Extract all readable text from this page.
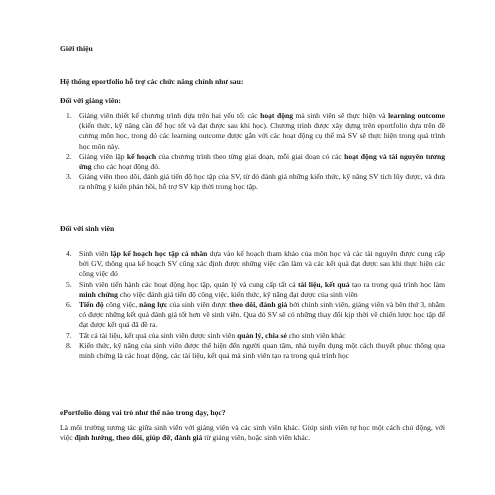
Giới thiệu
Hệ thống eportfolio hỗ trợ các chức năng chính như sau:
Đối với giảng viên:
1. Giảng viên thiết kế chương trình dựa trên hai yếu tố: các hoạt động mà sinh viên sẽ thực hiện và learning outcome (kiến thức, kỹ năng cần để học tốt và đạt được sau khi học). Chương trình được xây dựng trên eportfolio dựa trên đề cương môn học, trong đó các learning outcome được gắn với các hoạt động cụ thể mà SV sẽ thực hiện trong quá trình học môn này.
2. Giảng viên lập kế hoạch của chương trình theo từng giai đoạn, mỗi giai đoạn có các hoạt động và tài nguyên tương ứng cho các hoạt động đó.
3. Giảng viên theo dõi, đánh giá tiến độ học tập của SV, từ đó đánh giá những kiến thức, kỹ năng SV tích lũy được, và đưa ra những ý kiến phản hồi, hỗ trợ SV kịp thời trong học tập.
Đối với sinh viên
4. Sinh viên lập kế hoạch học tập cá nhân dựa vào kế hoạch tham khảo của môn học và các tài nguyên được cung cấp bởi GV, thông qua kế hoạch SV cũng xác định được những việc cần làm và các kết quả đạt được sau khi thực hiện các công việc đó
5. Sinh viên tiến hành các hoạt động học tập, quản lý và cung cấp tất cả tài liệu, kết quả tạo ra trong quá trình học làm minh chứng cho việc đánh giá tiến độ công việc, kiến thức, kỹ năng đạt được của sinh viên
6. Tiến độ công việc, năng lực của sinh viên được theo dõi, đánh giá bởi chính sinh viên, giảng viên và bên thứ 3, nhằm có được những kết quả đánh giá tốt hơn về sinh viên. Qua đó SV sẽ có những thay đổi kịp thời về chiến lược học tập để đạt được kết quả đã đề ra.
7. Tất cả tài liệu, kết quả của sinh viên được sinh viên quản lý, chia sẻ cho sinh viên khác
8. Kiến thức, kỹ năng của sinh viên được thể hiện đến người quan tâm, nhà tuyển dụng một cách thuyết phục thông qua minh chứng là các hoạt động, các tài liệu, kết quả mà sinh viên tạo ra trong quá trình học
ePortfolio đóng vai trò như thế nào trong dạy, học?
Là môi trường tương tác giữa sinh viên với giảng viên và các sinh viên khác. Giúp sinh viên tự học một cách chủ động, với việc định hướng, theo dõi, giúp đỡ, đánh giá từ giảng viên, hoặc sinh viên khác.
